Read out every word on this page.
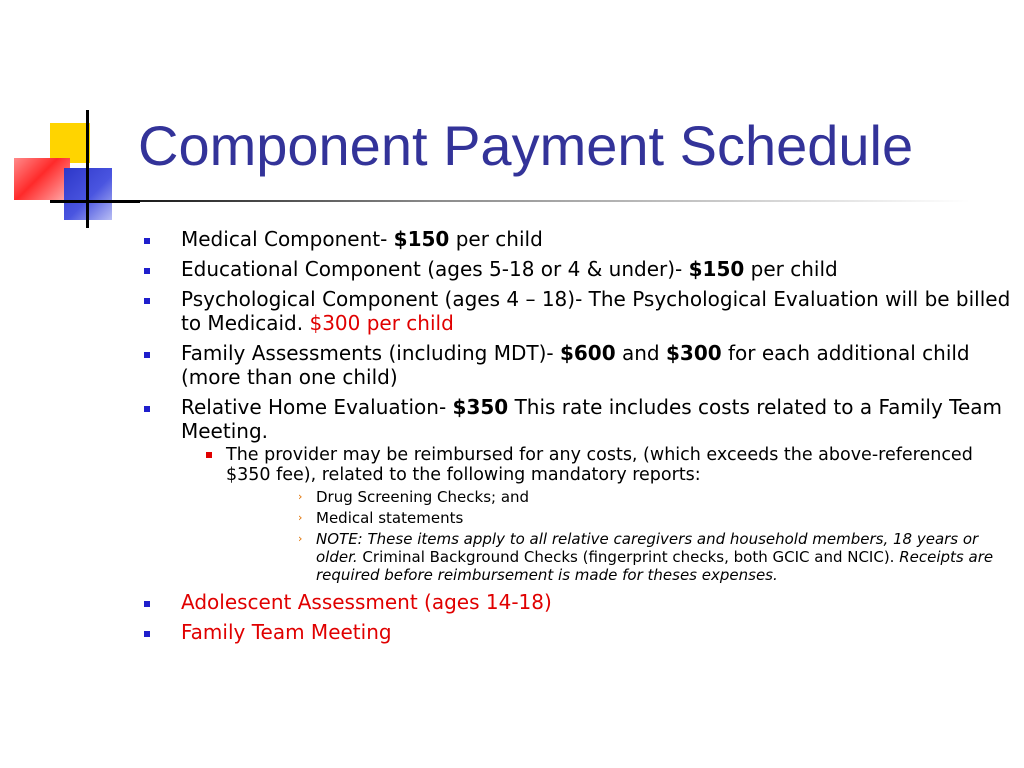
Component Payment Schedule
Medical Component- $150 per child
Educational Component (ages 5-18 or 4 & under)- $150 per child
Psychological Component (ages 4 – 18)- The Psychological Evaluation will be billed to Medicaid. $300 per child
Family Assessments (including MDT)- $600 and $300 for each additional child (more than one child)
Relative Home Evaluation- $350 This rate includes costs related to a Family Team Meeting.
The provider may be reimbursed for any costs, (which exceeds the above-referenced $350 fee), related to the following mandatory reports:
› Drug Screening Checks; and
› Medical statements
› NOTE: These items apply to all relative caregivers and household members, 18 years or older. Criminal Background Checks (fingerprint checks, both GCIC and NCIC). Receipts are required before reimbursement is made for theses expenses.
Adolescent Assessment (ages 14-18)
Family Team Meeting
